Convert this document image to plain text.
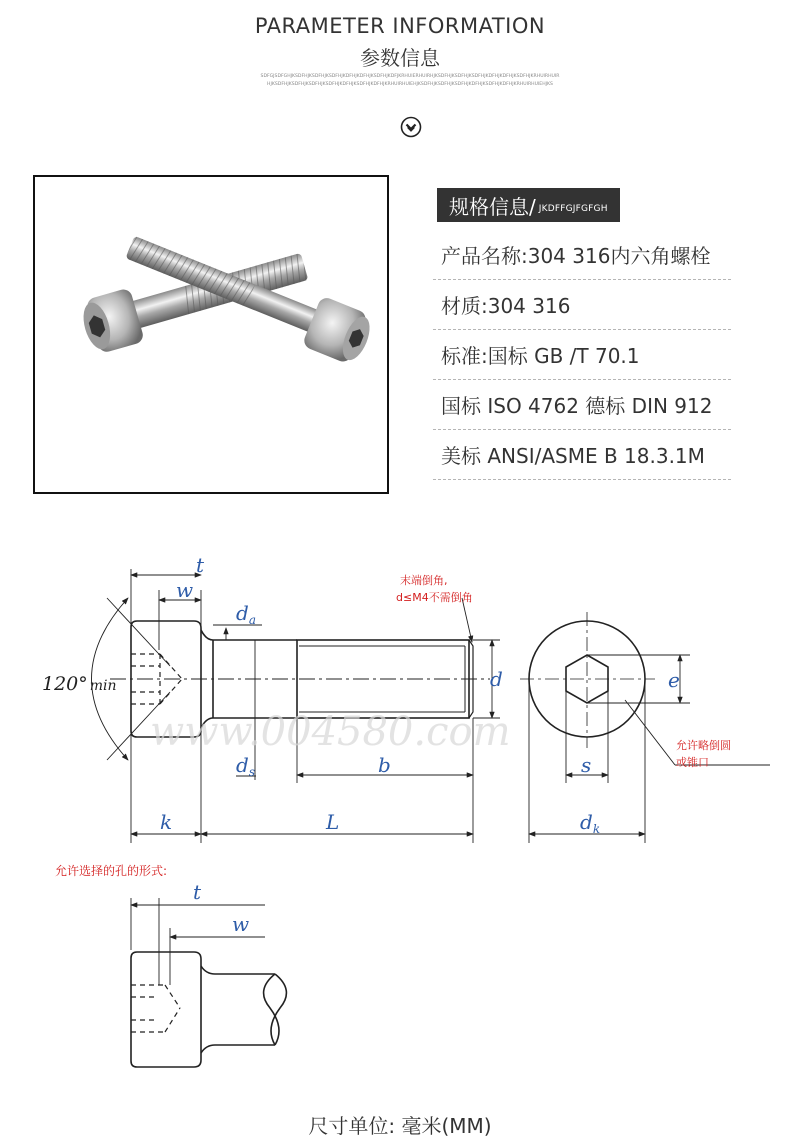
PARAMETER INFORMATION
参数信息
SDFGJSDFGHJKSDFHJKSDFHJKSDFHJKDFHJKDFHJKSDFHJKDFJKRHUIERHUIRHJKSDFHJKSDFHJKSDFHJKDFHJKDFHJKSDFHJKRHUIRHUIRHJKSDFHJKSDFHJKSDFHJKSDFHJKDFHJKSDFHJKDFHJKRHUIRHUIEHJKSDFHJKSDFHJKSDFHJKDFHJKSDFHJKDFHJKRHUIRHUIEHJKS
规格信息/ JKDFFGJFGFGH
产品名称:304 316内六角螺栓
材质:304 316
标准:国标 GB /T 70.1
国标 ISO 4762 德标 DIN 912
美标 ANSI/ASME B 18.3.1M
www.004580.com
t
w
$d_a$
d
$d_s$	b
k	L
e
s
$d_k$
t
w
120° min
末端倒角,
d≤M4不需倒角
允许略倒圆
或锥口
允许选择的孔的形式:
尺寸单位: 毫米(MM)
